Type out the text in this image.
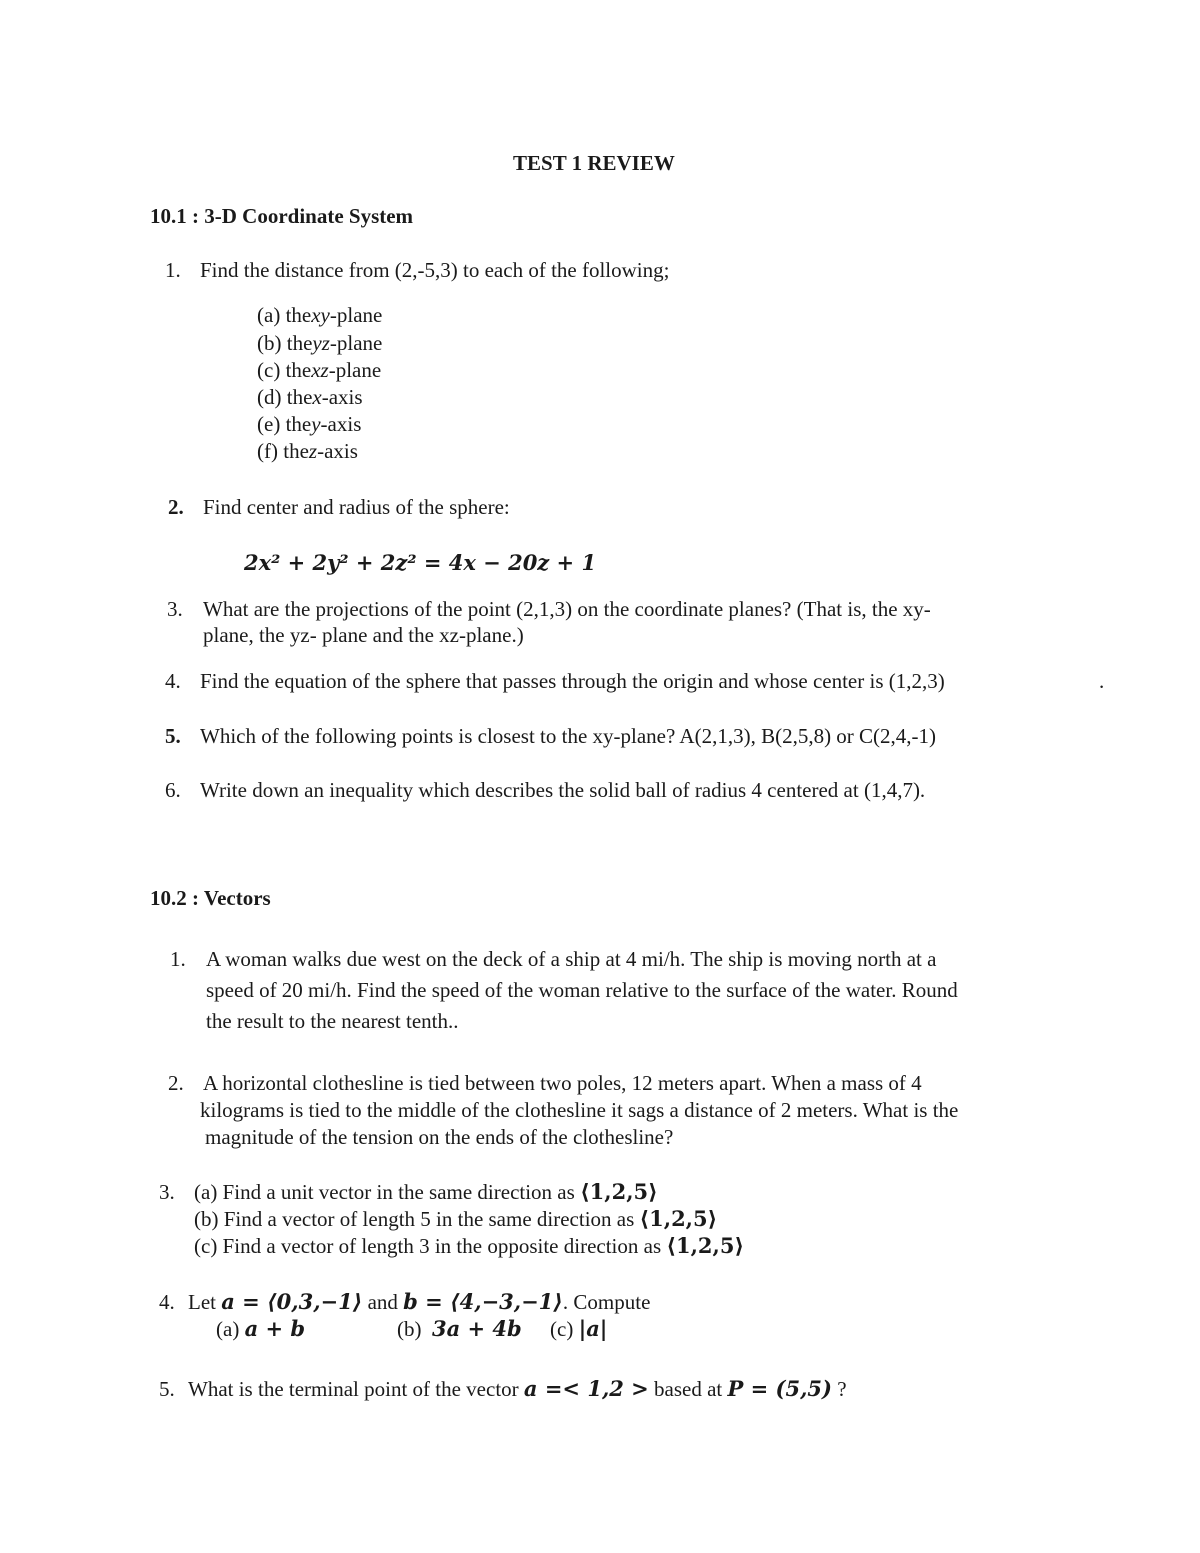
TEST 1 REVIEW
10.1 : 3-D Coordinate System
1. Find the distance from (2,-5,3) to each of the following;
(a) thexy-plane
(b) theyz-plane
(c) thexz-plane
(d) thex-axis
(e) they-axis
(f) thez-axis
2. Find center and radius of the sphere:
2x² + 2y² + 2z² = 4x − 20z + 1
3. What are the projections of the point (2,1,3) on the coordinate planes? (That is, the xy-
plane, the yz- plane and the xz-plane.)
4. Find the equation of the sphere that passes through the origin and whose center is (1,2,3)	.
5. Which of the following points is closest to the xy-plane? A(2,1,3), B(2,5,8) or C(2,4,-1)
6. Write down an inequality which describes the solid ball of radius 4 centered at (1,4,7).
10.2 : Vectors
1. A woman walks due west on the deck of a ship at 4 mi/h. The ship is moving north at a
speed of 20 mi/h. Find the speed of the woman relative to the surface of the water. Round
the result to the nearest tenth..
2. A horizontal clothesline is tied between two poles, 12 meters apart. When a mass of 4
kilograms is tied to the middle of the clothesline it sags a distance of 2 meters. What is the
magnitude of the tension on the ends of the clothesline?
3. (a) Find a unit vector in the same direction as ⟨1,2,5⟩
(b) Find a vector of length 5 in the same direction as ⟨1,2,5⟩
(c) Find a vector of length 3 in the opposite direction as ⟨1,2,5⟩
4. Let a = ⟨0,3,−1⟩ and b = ⟨4,−3,−1⟩. Compute
(a) a + b	(b) 3a + 4b (c) |a|
5. What is the terminal point of the vector a =< 1,2 > based at P = (5,5) ?
